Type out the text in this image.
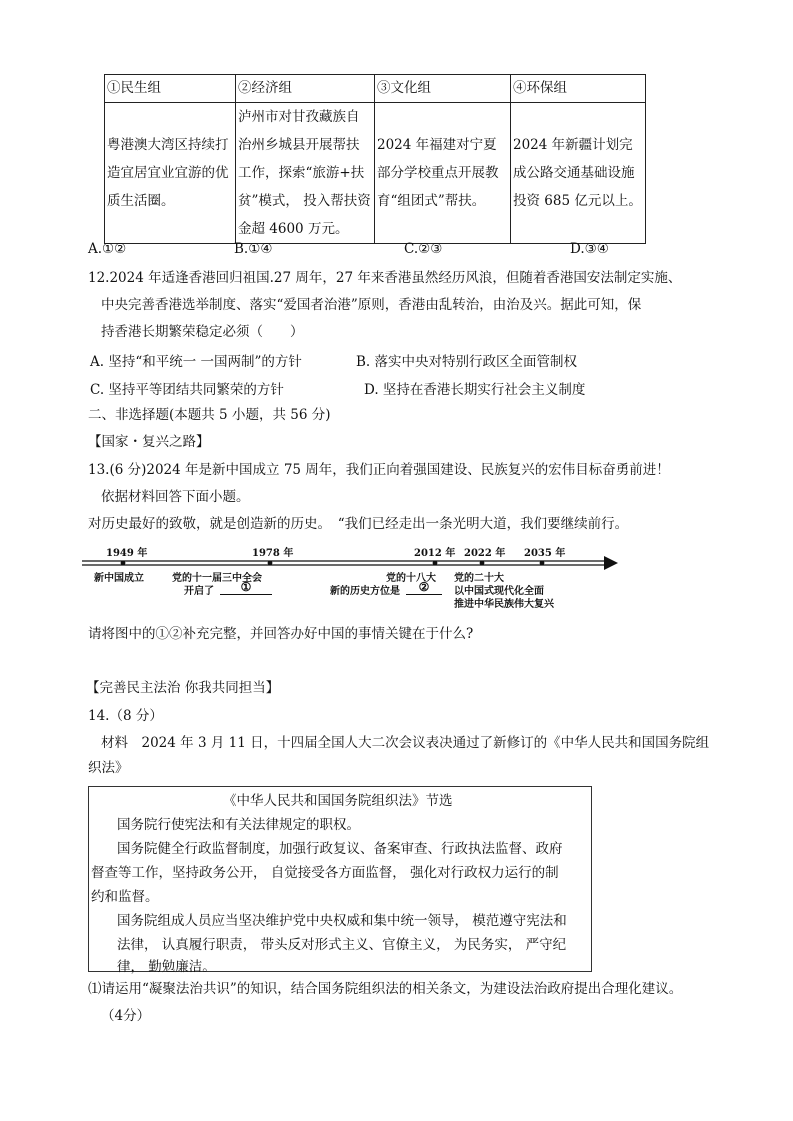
①民生组	②经济组	③文化组	④环保组
粤港澳大湾区持续打造宜居宜业宜游的优质生活圈。	泸州市对甘孜藏族自治州乡城县开展帮扶工作，探索“旅游+扶贫”模式， 投入帮扶资金超 4600 万元。	2024 年福建对宁夏部分学校重点开展教育“组团式”帮扶。	2024 年新疆计划完成公路交通基础设施投资 685 亿元以上。
A.①②	B.①④	C.②③	D.③④
12.2024 年适逢香港回归祖国.27 周年，27 年来香港虽然经历风浪，但随着香港国安法制定实施、
中央完善香港选举制度、落实“爱国者治港”原则，香港由乱转治，由治及兴。据此可知，保
持香港长期繁荣稳定必须（　　）
A. 坚持“和平统一 一国两制”的方针	B. 落实中央对特别行政区全面管制权
C. 坚持平等团结共同繁荣的方针	D. 坚持在香港长期实行社会主义制度
二、非选择题(本题共 5 小题，共 56 分)
【国家・复兴之路】
13.(6 分)2024 年是新中国成立 75 周年，我们正向着强国建设、民族复兴的宏伟目标奋勇前进！
依据材料回答下面小题。
对历史最好的致敬，就是创造新的历史。　“我们已经走出一条光明大道，我们要继续前行。
1949 年	1978 年	2012 年 2022 年 2035 年
新中国成立	党的十一届三中全会
开启了	①
党的十八大
新的历史方位是	②
党的二十大
以中国式现代化全面
推进中华民族伟大复兴
请将图中的①②补充完整，并回答办好中国的事情关键在于什么?
【完善民主法治 你我共同担当】
14.（8 分）
材料　2024 年 3 月 11 日，十四届全国人大二次会议表决通过了新修订的《中华人民共和国国务院组
织法》
《中华人民共和国国务院组织法》节选
国务院行使宪法和有关法律规定的职权。
国务院健全行政监督制度，加强行政复议、备案审查、行政执法监督、政府
督查等工作，坚持政务公开， 自觉接受各方面监督， 强化对行政权力运行的制
约和监督。
国务院组成人员应当坚决维护党中央权威和集中统一领导， 模范遵守宪法和
法律， 认真履行职责， 带头反对形式主义、官僚主义， 为民务实， 严守纪
律， 勤勉廉洁。
⑴请运用“凝聚法治共识”的知识，结合国务院组织法的相关条文，为建设法治政府提出合理化建议。
（4分）
